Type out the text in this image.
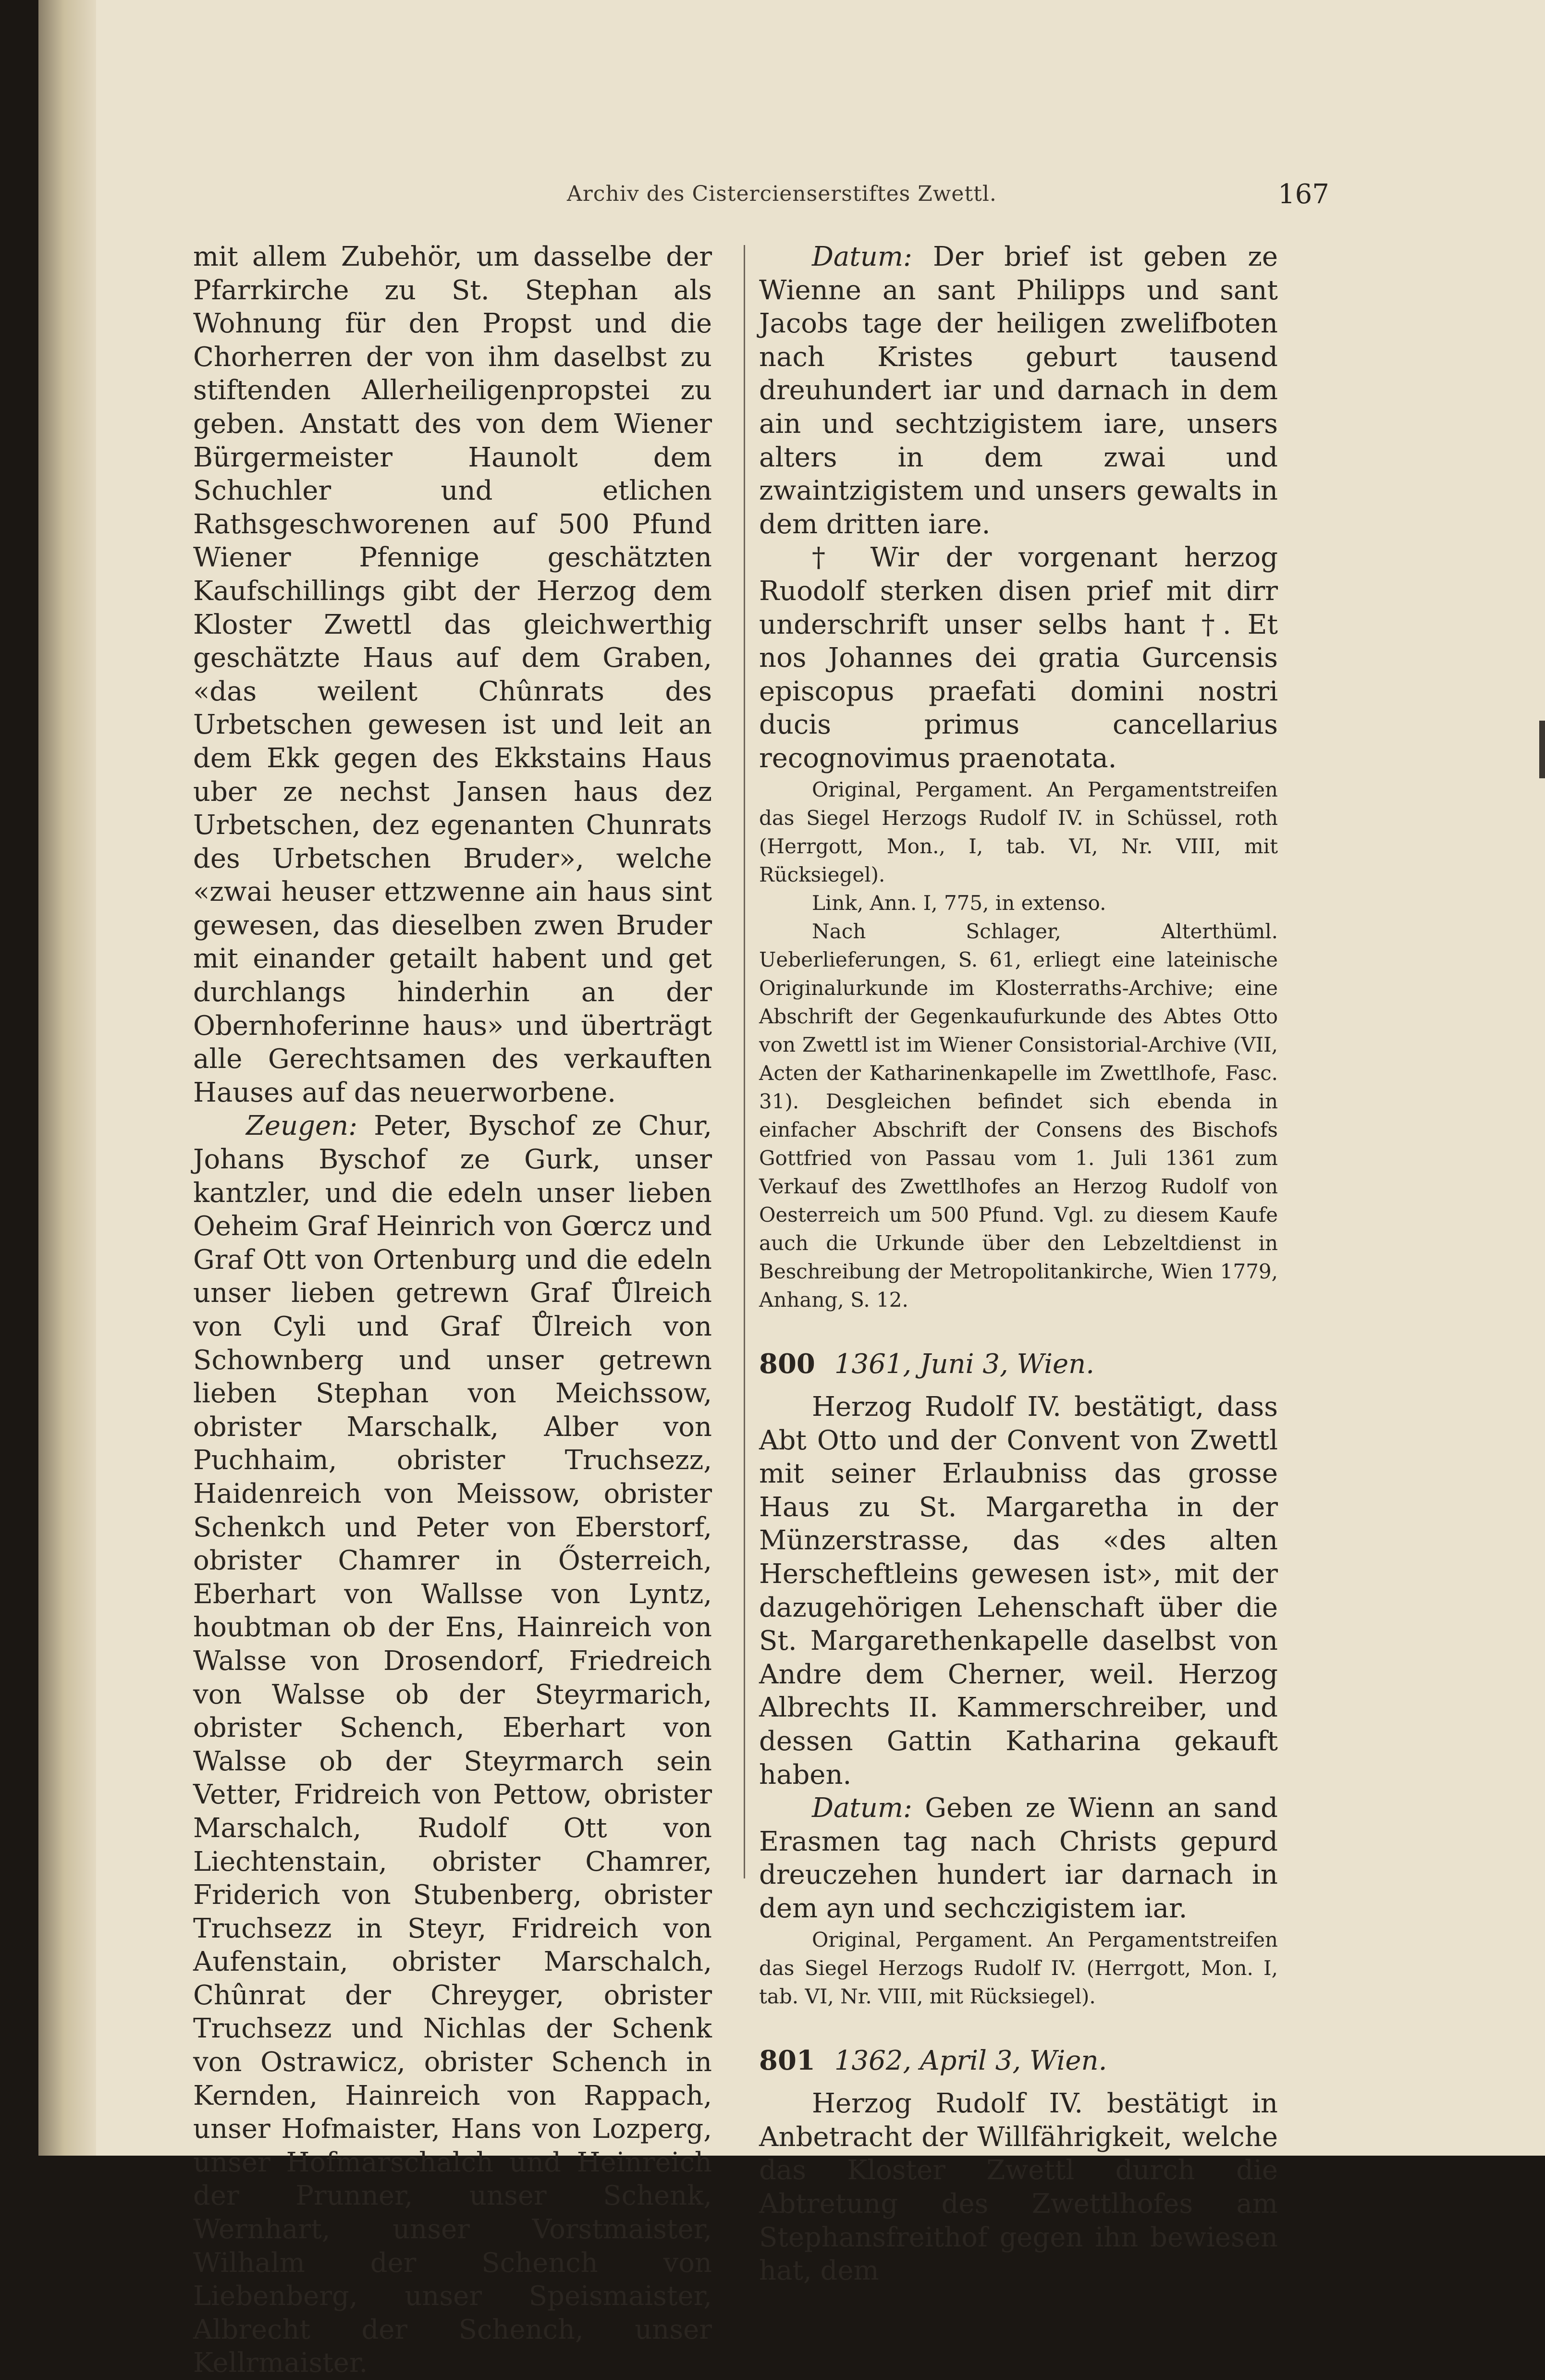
Archiv des Cistercienserstiftes Zwettl.	167

mit allem Zubehör, um dasselbe der Pfarrkirche zu St. Stephan als Wohnung für den Propst und die Chorherren der von ihm daselbst zu stiftenden Allerheiligenpropstei zu geben. Anstatt des von dem Wiener Bürgermeister Haunolt dem Schuchler und etlichen Rathsgeschworenen auf 500 Pfund Wiener Pfennige geschätzten Kaufschillings gibt der Herzog dem Kloster Zwettl das gleichwerthig geschätzte Haus auf dem Graben, «das weilent Chûnrats des Urbetschen gewesen ist und leit an dem Ekk gegen des Ekkstains Haus uber ze nechst Jansen haus dez Urbetschen, dez egenanten Chunrats des Urbetschen Bruder», welche «zwai heuser ettzwenne ain haus sint gewesen, das dieselben zwen Bruder mit einander getailt habent und get durchlangs hinderhin an der Obernhoferinne haus» und überträgt alle Gerechtsamen des verkauften Hauses auf das neuerworbene.

Zeugen: Peter, Byschof ze Chur, Johans Byschof ze Gurk, unser kantzler, und die edeln unser lieben Oeheim Graf Heinrich von Gœrcz und Graf Ott von Ortenburg und die edeln unser lieben getrewn Graf Ůlreich von Cyli und Graf Ůlreich von Schownberg und unser getrewn lieben Stephan von Meichssow, obrister Marschalk, Alber von Puchhaim, obrister Truchsezz, Haidenreich von Meissow, obrister Schenkch und Peter von Eberstorf, obrister Chamrer in Ősterreich, Eberhart von Wallsse von Lyntz, houbtman ob der Ens, Hainreich von Walsse von Drosendorf, Friedreich von Walsse ob der Steyrmarich, obrister Schench, Eberhart von Walsse ob der Steyrmarch sein Vetter, Fridreich von Pettow, obrister Marschalch, Rudolf Ott von Liechtenstain, obrister Chamrer, Friderich von Stubenberg, obrister Truchsezz in Steyr, Fridreich von Aufenstain, obrister Marschalch, Chûnrat der Chreyger, obrister Truchsezz und Nichlas der Schenk von Ostrawicz, obrister Schench in Kernden, Hainreich von Rappach, unser Hofmaister, Hans von Lozperg, unser Hofmarschalch und Heinreich der Prunner, unser Schenk, Wernhart, unser Vorstmaister, Wilhalm der Schench von Liebenberg, unser Speismaister, Albrecht der Schench, unser Kellrmaister.

Datum: Der brief ist geben ze Wienne an sant Philipps und sant Jacobs tage der heiligen zwelifboten nach Kristes geburt tausend dreuhundert iar und darnach in dem ain und sechtzigistem iare, unsers alters in dem zwai und zwaintzigistem und unsers gewalts in dem dritten iare.

† Wir der vorgenant herzog Ruodolf sterken disen prief mit dirr underschrift unser selbs hant †. Et nos Johannes dei gratia Gurcensis episcopus praefati domini nostri ducis primus cancellarius recognovimus praenotata.

Original, Pergament. An Pergamentstreifen das Siegel Herzogs Rudolf IV. in Schüssel, roth (Herrgott, Mon., I, tab. VI, Nr. VIII, mit Rücksiegel).

Link, Ann. I, 775, in extenso.

Nach Schlager, Alterthüml. Ueberlieferungen, S. 61, erliegt eine lateinische Originalurkunde im Klosterraths-Archive; eine Abschrift der Gegenkaufurkunde des Abtes Otto von Zwettl ist im Wiener Consistorial-Archive (VII, Acten der Katharinenkapelle im Zwettlhofe, Fasc. 31). Desgleichen befindet sich ebenda in einfacher Abschrift der Consens des Bischofs Gottfried von Passau vom 1. Juli 1361 zum Verkauf des Zwettlhofes an Herzog Rudolf von Oesterreich um 500 Pfund. Vgl. zu diesem Kaufe auch die Urkunde über den Lebzeltdienst in Beschreibung der Metropolitankirche, Wien 1779, Anhang, S. 12.

800 1361, Juni 3, Wien.

Herzog Rudolf IV. bestätigt, dass Abt Otto und der Convent von Zwettl mit seiner Erlaubniss das grosse Haus zu St. Margaretha in der Münzerstrasse, das «des alten Herscheftleins gewesen ist», mit der dazugehörigen Lehenschaft über die St. Margarethenkapelle daselbst von Andre dem Cherner, weil. Herzog Albrechts II. Kammerschreiber, und dessen Gattin Katharina gekauft haben.

Datum: Geben ze Wienn an sand Erasmen tag nach Christs gepurd dreuczehen hundert iar darnach in dem ayn und sechczigistem iar.

Original, Pergament. An Pergamentstreifen das Siegel Herzogs Rudolf IV. (Herrgott, Mon. I, tab. VI, Nr. VIII, mit Rücksiegel).

801 1362, April 3, Wien.

Herzog Rudolf IV. bestätigt in Anbetracht der Willfährigkeit, welche das Kloster Zwettl durch die Abtretung des Zwettlhofes am Stephansfreithof gegen ihn bewiesen hat, dem
